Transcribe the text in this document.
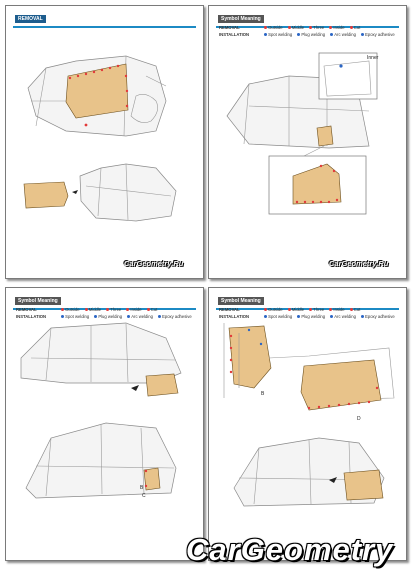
REMOVAL
CarGeometry.Ru
Symbol Meaning
REMOVAL	Outside Middle Three Inside Cut
INSTALLATION	Spot welding Plug welding Arc welding Epoxy adhesive
Inner
CarGeometry.Ru
Symbol Meaning
REMOVAL	Outside Middle Three Inside Cut
INSTALLATION	Spot welding Plug welding Arc welding Epoxy adhesive
B
C
Symbol Meaning
REMOVAL	Outside Middle Three Inside Cut
INSTALLATION	Spot welding Plug welding Arc welding Epoxy adhesive
B
D
CarGeometry
